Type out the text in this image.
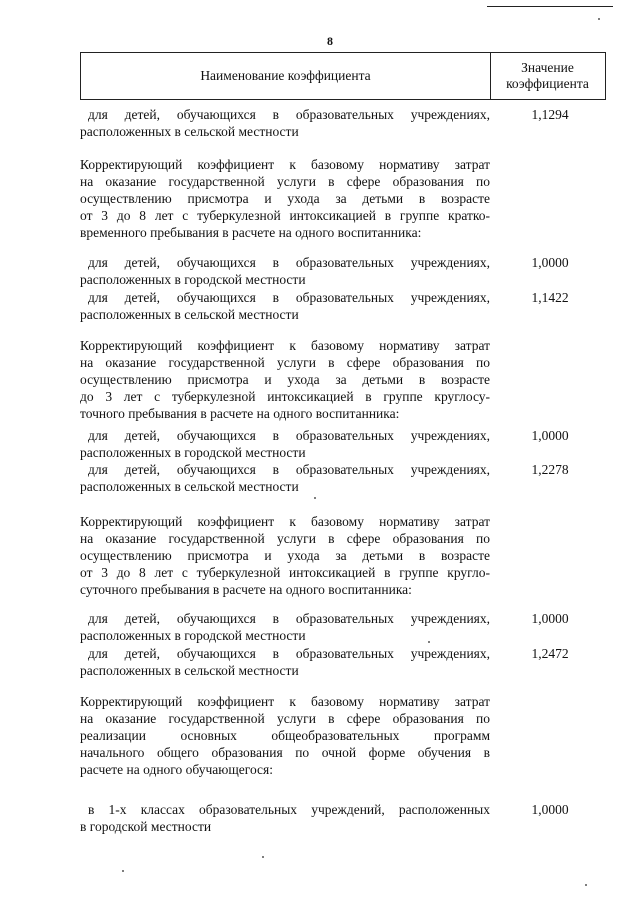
8
Наименование коэффициента
Значение
коэффициента
для детей, обучающихся в образовательных учреждениях,
расположенных в сельской местности
1,1294
Корректирующий коэффициент к базовому нормативу затрат
на оказание государственной услуги в сфере образования по
осуществлению присмотра и ухода за детьми в возрасте
от 3 до 8 лет с туберкулезной интоксикацией в группе кратко-
временного пребывания в расчете на одного воспитанника:
для детей, обучающихся в образовательных учреждениях,
расположенных в городской местности
1,0000
для детей, обучающихся в образовательных учреждениях,
расположенных в сельской местности
1,1422
Корректирующий коэффициент к базовому нормативу затрат
на оказание государственной услуги в сфере образования по
осуществлению присмотра и ухода за детьми в возрасте
до 3 лет с туберкулезной интоксикацией в группе круглосу-
точного пребывания в расчете на одного воспитанника:
для детей, обучающихся в образовательных учреждениях,
расположенных в городской местности
1,0000
для детей, обучающихся в образовательных учреждениях,
расположенных в сельской местности
1,2278
Корректирующий коэффициент к базовому нормативу затрат
на оказание государственной услуги в сфере образования по
осуществлению присмотра и ухода за детьми в возрасте
от 3 до 8 лет с туберкулезной интоксикацией в группе кругло-
суточного пребывания в расчете на одного воспитанника:
для детей, обучающихся в образовательных учреждениях,
расположенных в городской местности
1,0000
для детей, обучающихся в образовательных учреждениях,
расположенных в сельской местности
1,2472
Корректирующий коэффициент к базовому нормативу затрат
на оказание государственной услуги в сфере образования по
реализации основных общеобразовательных программ
начального общего образования по очной форме обучения в
расчете на одного обучающегося:
в 1-х классах образовательных учреждений, расположенных
в городской местности
1,0000
